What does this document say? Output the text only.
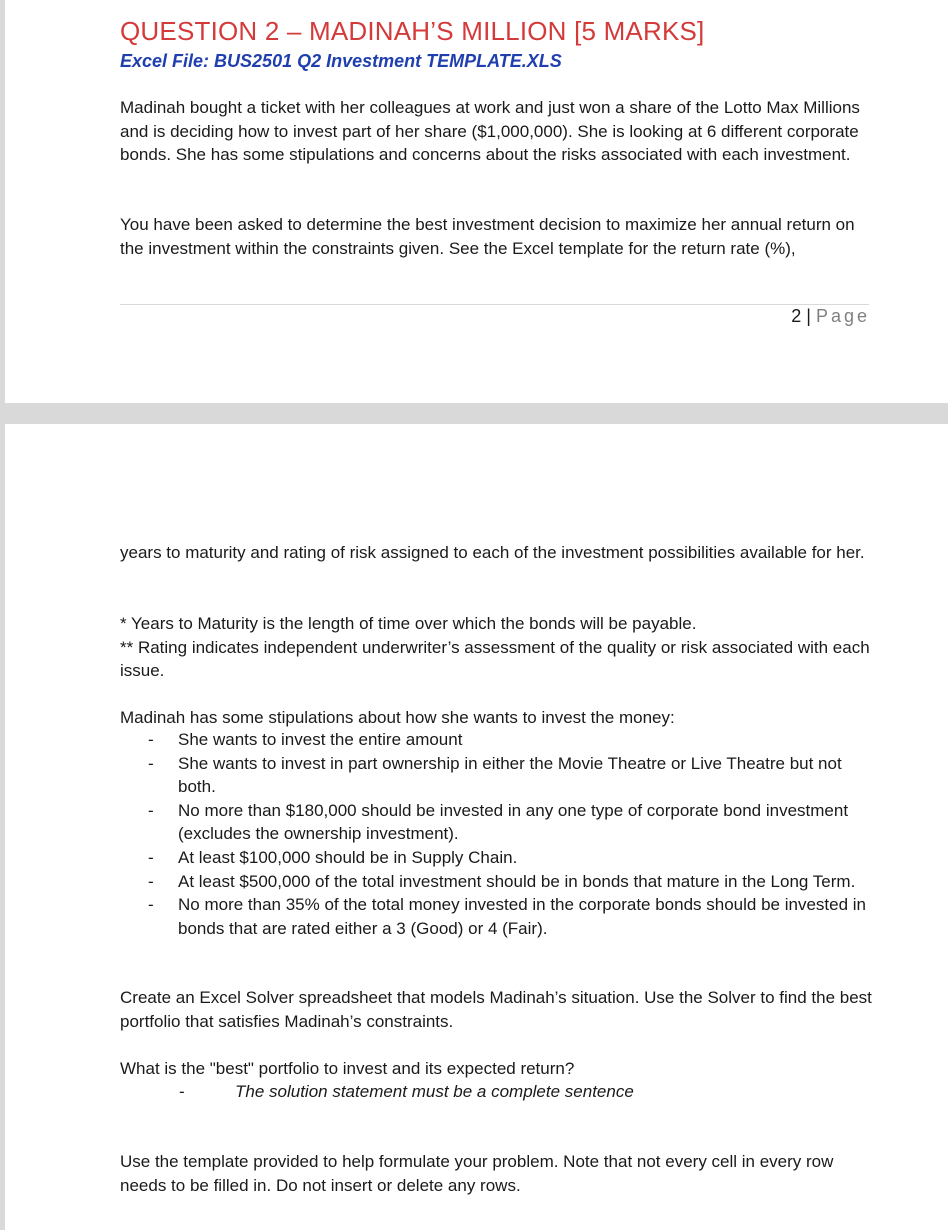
QUESTION 2 – MADINAH’S MILLION [5 MARKS]
Excel File: BUS2501 Q2 Investment TEMPLATE.XLS

Madinah bought a ticket with her colleagues at work and just won a share of the Lotto Max Millions and is deciding how to invest part of her share ($1,000,000). She is looking at 6 different corporate bonds. She has some stipulations and concerns about the risks associated with each investment.

You have been asked to determine the best investment decision to maximize her annual return on the investment within the constraints given. See the Excel template for the return rate (%),

2 | Page

years to maturity and rating of risk assigned to each of the investment possibilities available for her.

* Years to Maturity is the length of time over which the bonds will be payable.

** Rating indicates independent underwriter’s assessment of the quality or risk associated with each issue.

Madinah has some stipulations about how she wants to invest the money:

- She wants to invest the entire amount
- She wants to invest in part ownership in either the Movie Theatre or Live Theatre but not both.
- No more than $180,000 should be invested in any one type of corporate bond investment (excludes the ownership investment).
- At least $100,000 should be in Supply Chain.
- At least $500,000 of the total investment should be in bonds that mature in the Long Term.
- No more than 35% of the total money invested in the corporate bonds should be invested in bonds that are rated either a 3 (Good) or 4 (Fair).

Create an Excel Solver spreadsheet that models Madinah’s situation. Use the Solver to find the best portfolio that satisfies Madinah’s constraints.

What is the "best" portfolio to invest and its expected return?

-	The solution statement must be a complete sentence

Use the template provided to help formulate your problem. Note that not every cell in every row needs to be filled in. Do not insert or delete any rows.
